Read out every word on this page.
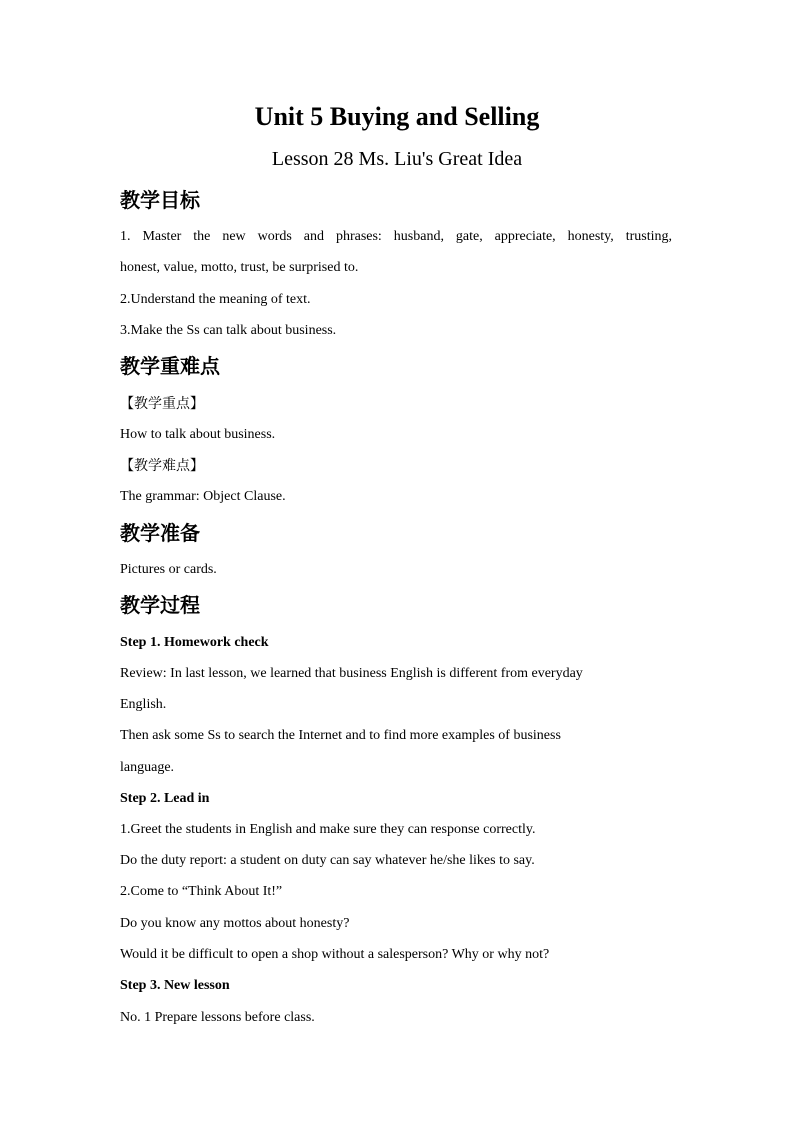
Unit 5 Buying and Selling

Lesson 28 Ms. Liu's Great Idea

教学目标

1. Master the new words and phrases: husband, gate, appreciate, honesty, trusting,

honest, value, motto, trust, be surprised to.

2.Understand the meaning of text.

3.Make the Ss can talk about business.

教学重难点

【教学重点】

How to talk about business.

【教学难点】

The grammar: Object Clause.

教学准备

Pictures or cards.

教学过程

Step 1. Homework check

Review: In last lesson, we learned that business English is different from everyday

English.

Then ask some Ss to search the Internet and to find more examples of business

language.

Step 2. Lead in

1.Greet the students in English and make sure they can response correctly.

Do the duty report: a student on duty can say whatever he/she likes to say.

2.Come to “Think About It!”

Do you know any mottos about honesty?

Would it be difficult to open a shop without a salesperson? Why or why not?

Step 3. New lesson

No. 1 Prepare lessons before class.
